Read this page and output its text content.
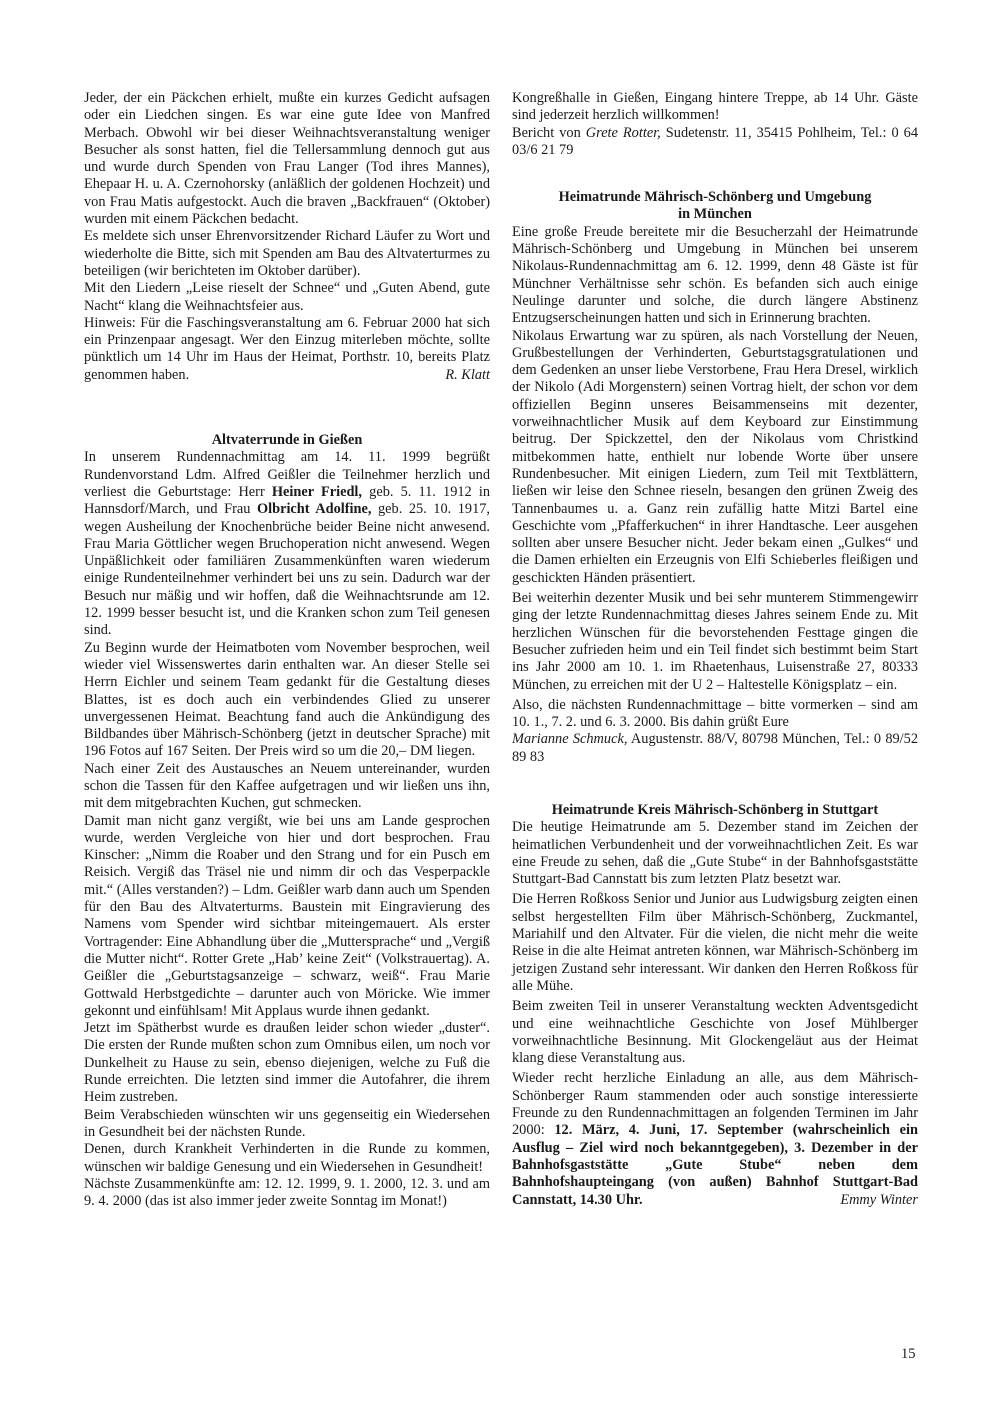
Jeder, der ein Päckchen erhielt, mußte ein kurzes Gedicht aufsagen oder ein Liedchen singen. Es war eine gute Idee von Manfred Merbach. Obwohl wir bei dieser Weihnachtsveranstaltung weniger Besucher als sonst hatten, fiel die Tellersammlung dennoch gut aus und wurde durch Spenden von Frau Langer (Tod ihres Mannes), Ehepaar H. u. A. Czernohorsky (anläßlich der goldenen Hochzeit) und von Frau Matis aufgestockt. Auch die braven „Backfrauen“ (Oktober) wurden mit einem Päckchen bedacht.

Es meldete sich unser Ehrenvorsitzender Richard Läufer zu Wort und wiederholte die Bitte, sich mit Spenden am Bau des Altvaterturmes zu beteiligen (wir berichteten im Oktober darüber).

Mit den Liedern „Leise rieselt der Schnee“ und „Guten Abend, gute Nacht“ klang die Weihnachtsfeier aus.

Hinweis: Für die Faschingsveranstaltung am 6. Februar 2000 hat sich ein Prinzenpaar angesagt. Wer den Einzug miterleben möchte, sollte pünktlich um 14 Uhr im Haus der Heimat, Porthstr. 10, bereits Platz genommen haben.	R. Klatt

Altvaterrunde in Gießen

In unserem Rundennachmittag am 14. 11. 1999 begrüßt Rundenvorstand Ldm. Alfred Geißler die Teilnehmer herzlich und verliest die Geburtstage: Herr Heiner Friedl, geb. 5. 11. 1912 in Hannsdorf/March, und Frau Olbricht Adolfine, geb. 25. 10. 1917, wegen Ausheilung der Knochenbrüche beider Beine nicht anwesend. Frau Maria Göttlicher wegen Bruchoperation nicht anwesend. Wegen Unpäßlichkeit oder familiären Zusammenkünften waren wiederum einige Rundenteilnehmer verhindert bei uns zu sein. Dadurch war der Besuch nur mäßig und wir hoffen, daß die Weihnachtsrunde am 12. 12. 1999 besser besucht ist, und die Kranken schon zum Teil genesen sind.

Zu Beginn wurde der Heimatboten vom November besprochen, weil wieder viel Wissenswertes darin enthalten war. An dieser Stelle sei Herrn Eichler und seinem Team gedankt für die Gestaltung dieses Blattes, ist es doch auch ein verbindendes Glied zu unserer unvergessenen Heimat. Beachtung fand auch die Ankündigung des Bildbandes über Mährisch-Schönberg (jetzt in deutscher Sprache) mit 196 Fotos auf 167 Seiten. Der Preis wird so um die 20,– DM liegen.

Nach einer Zeit des Austausches an Neuem untereinander, wurden schon die Tassen für den Kaffee aufgetragen und wir ließen uns ihn, mit dem mitgebrachten Kuchen, gut schmecken.

Damit man nicht ganz vergißt, wie bei uns am Lande gesprochen wurde, werden Vergleiche von hier und dort besprochen. Frau Kinscher: „Nimm die Roaber und den Strang und for ein Pusch em Reisich. Vergiß das Träsel nie und nimm dir och das Vesperpackle mit.“ (Alles verstanden?) – Ldm. Geißler warb dann auch um Spenden für den Bau des Altvaterturms. Baustein mit Eingravierung des Namens vom Spender wird sichtbar miteingemauert. Als erster Vortragender: Eine Abhandlung über die „Muttersprache“ und „Vergiß die Mutter nicht“. Rotter Grete „Hab’ keine Zeit“ (Volkstrauertag). A. Geißler die „Geburtstagsanzeige – schwarz, weiß“. Frau Marie Gottwald Herbstgedichte – darunter auch von Möricke. Wie immer gekonnt und einfühlsam! Mit Applaus wurde ihnen gedankt.

Jetzt im Spätherbst wurde es draußen leider schon wieder „duster“. Die ersten der Runde mußten schon zum Omnibus eilen, um noch vor Dunkelheit zu Hause zu sein, ebenso diejenigen, welche zu Fuß die Runde erreichten. Die letzten sind immer die Autofahrer, die ihrem Heim zustreben.

Beim Verabschieden wünschten wir uns gegenseitig ein Wiedersehen in Gesundheit bei der nächsten Runde.

Denen, durch Krankheit Verhinderten in die Runde zu kommen, wünschen wir baldige Genesung und ein Wiedersehen in Gesundheit!

Nächste Zusammenkünfte am: 12. 12. 1999, 9. 1. 2000, 12. 3. und am 9. 4. 2000 (das ist also immer jeder zweite Sonntag im Monat!)

Kongreßhalle in Gießen, Eingang hintere Treppe, ab 14 Uhr. Gäste sind jederzeit herzlich willkommen!

Bericht von Grete Rotter, Sudetenstr. 11, 35415 Pohlheim, Tel.: 0 64 03/6 21 79

Heimatrunde Mährisch-Schönberg und Umgebung
in München

Eine große Freude bereitete mir die Besucherzahl der Heimatrunde Mährisch-Schönberg und Umgebung in München bei unserem Nikolaus-Rundennachmittag am 6. 12. 1999, denn 48 Gäste ist für Münchner Verhältnisse sehr schön. Es befanden sich auch einige Neulinge darunter und solche, die durch längere Abstinenz Entzugserscheinungen hatten und sich in Erinnerung brachten.

Nikolaus Erwartung war zu spüren, als nach Vorstellung der Neuen, Grußbestellungen der Verhinderten, Geburtstagsgratulationen und dem Gedenken an unser liebe Verstorbene, Frau Hera Dresel, wirklich der Nikolo (Adi Morgenstern) seinen Vortrag hielt, der schon vor dem offiziellen Beginn unseres Beisammenseins mit dezenter, vorweihnachtlicher Musik auf dem Keyboard zur Einstimmung beitrug. Der Spickzettel, den der Nikolaus vom Christkind mitbekommen hatte, enthielt nur lobende Worte über unsere Rundenbesucher. Mit einigen Liedern, zum Teil mit Textblättern, ließen wir leise den Schnee rieseln, besangen den grünen Zweig des Tannenbaumes u. a. Ganz rein zufällig hatte Mitzi Bartel eine Geschichte vom „Pfafferkuchen“ in ihrer Handtasche. Leer ausgehen sollten aber unsere Besucher nicht. Jeder bekam einen „Gulkes“ und die Damen erhielten ein Erzeugnis von Elfi Schieberles fleißigen und geschickten Händen präsentiert.

Bei weiterhin dezenter Musik und bei sehr munterem Stimmengewirr ging der letzte Rundennachmittag dieses Jahres seinem Ende zu. Mit herzlichen Wünschen für die bevorstehenden Festtage gingen die Besucher zufrieden heim und ein Teil findet sich bestimmt beim Start ins Jahr 2000 am 10. 1. im Rhaetenhaus, Luisenstraße 27, 80333 München, zu erreichen mit der U 2 – Haltestelle Königsplatz – ein.

Also, die nächsten Rundennachmittage – bitte vormerken – sind am 10. 1., 7. 2. und 6. 3. 2000. Bis dahin grüßt Eure

Marianne Schmuck, Augustenstr. 88/V, 80798 München, Tel.: 0 89/52 89 83

Heimatrunde Kreis Mährisch-Schönberg in Stuttgart

Die heutige Heimatrunde am 5. Dezember stand im Zeichen der heimatlichen Verbundenheit und der vorweihnachtlichen Zeit. Es war eine Freude zu sehen, daß die „Gute Stube“ in der Bahnhofsgaststätte Stuttgart-Bad Cannstatt bis zum letzten Platz besetzt war.

Die Herren Roßkoss Senior und Junior aus Ludwigsburg zeigten einen selbst hergestellten Film über Mährisch-Schönberg, Zuckmantel, Mariahilf und den Altvater. Für die vielen, die nicht mehr die weite Reise in die alte Heimat antreten können, war Mährisch-Schönberg im jetzigen Zustand sehr interessant. Wir danken den Herren Roßkoss für alle Mühe.

Beim zweiten Teil in unserer Veranstaltung weckten Adventsgedicht und eine weihnachtliche Geschichte von Josef Mühlberger vorweihnachtliche Besinnung. Mit Glockengeläut aus der Heimat klang diese Veranstaltung aus.

Wieder recht herzliche Einladung an alle, aus dem Mährisch-Schönberger Raum stammenden oder auch sonstige interessierte Freunde zu den Rundennachmittagen an folgenden Terminen im Jahr 2000: 12. März, 4. Juni, 17. September (wahrscheinlich ein Ausflug – Ziel wird noch bekanntgegeben), 3. Dezember in der Bahnhofsgaststätte „Gute Stube“ neben dem Bahnhofshaupteingang (von außen) Bahnhof Stuttgart-Bad Cannstatt, 14.30 Uhr.	Emmy Winter

15
